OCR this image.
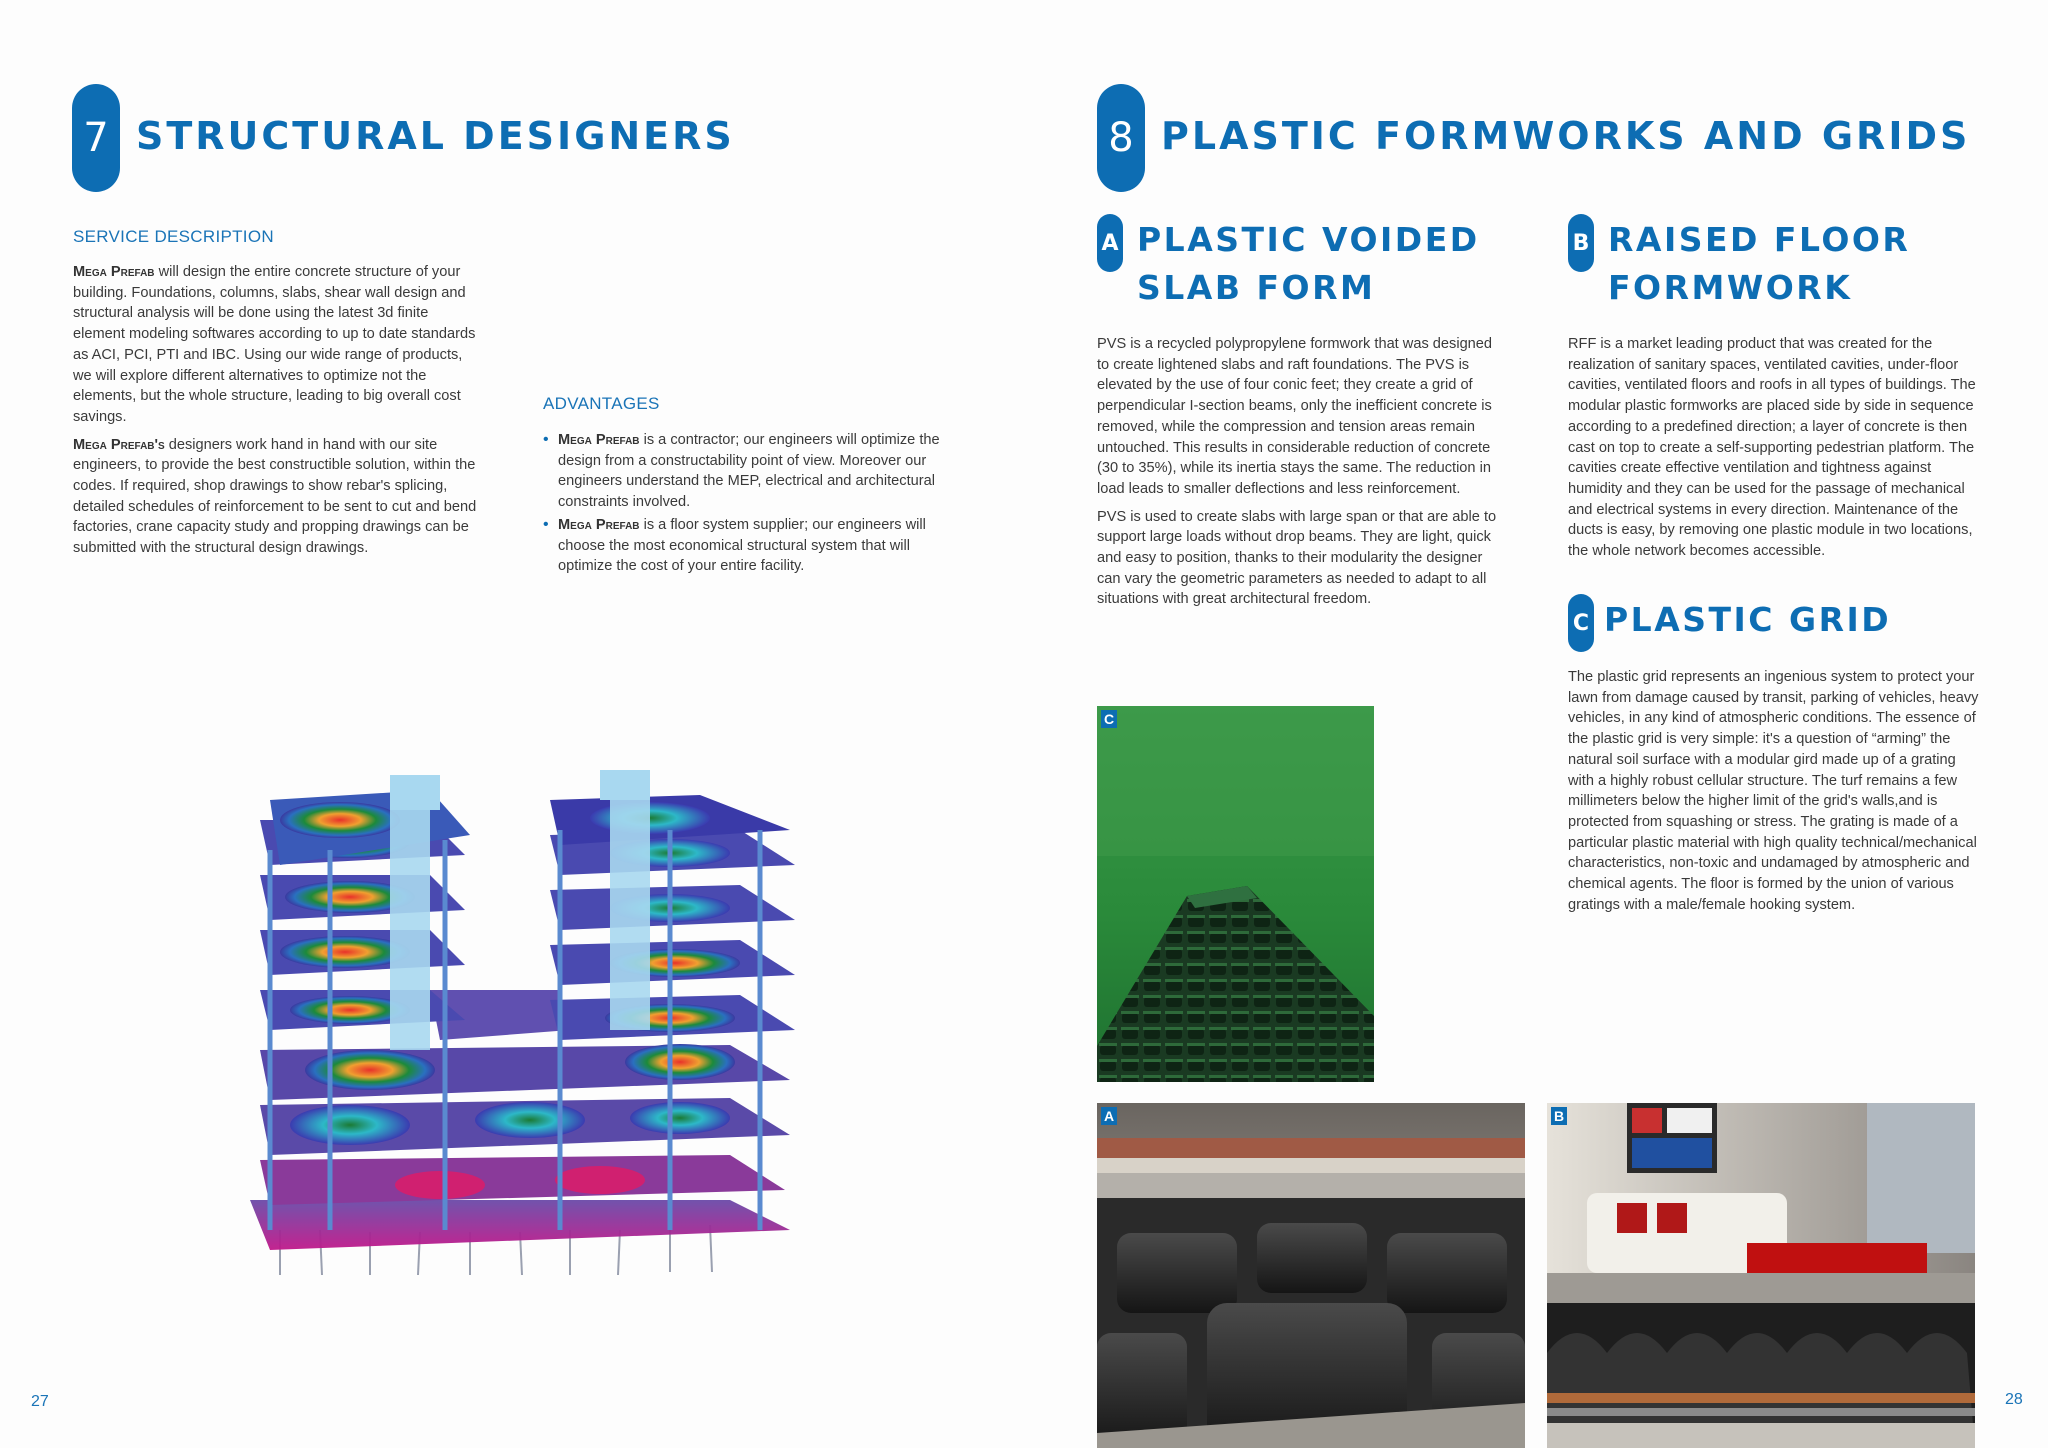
7 STRUCTURAL DESIGNERS
SERVICE DESCRIPTION

Mega Prefab will design the entire concrete structure of your building. Foundations, columns, slabs, shear wall design and structural analysis will be done using the latest 3d finite element modeling softwares according to up to date standards as ACI, PCI, PTI and IBC. Using our wide range of products, we will explore different alternatives to optimize not the elements, but the whole structure, leading to big overall cost savings.

Mega Prefab's designers work hand in hand with our site engineers, to provide the best constructible solution, within the codes. If required, shop drawings to show rebar's splicing, detailed schedules of reinforcement to be sent to cut and bend factories, crane capacity study and propping drawings can be submitted with the structural design drawings.

ADVANTAGES
• Mega Prefab is a contractor; our engineers will optimize the design from a constructability point of view. Moreover our engineers understand the MEP, electrical and architectural constraints involved.
• Mega Prefab is a floor system supplier; our engineers will choose the most economical structural system that will optimize the cost of your entire facility.
27
8 PLASTIC FORMWORKS AND GRIDS
A PLASTIC VOIDED
SLAB FORM

PVS is a recycled polypropylene formwork that was designed to create lightened slabs and raft foundations. The PVS is elevated by the use of four conic feet; they create a grid of perpendicular I-section beams, only the inefficient concrete is removed, while the compression and tension areas remain untouched. This results in considerable reduction of concrete (30 to 35%), while its inertia stays the same. The reduction in load leads to smaller deflections and less reinforcement.

PVS is used to create slabs with large span or that are able to support large loads without drop beams. They are light, quick and easy to position, thanks to their modularity the designer can vary the geometric parameters as needed to adapt to all situations with great architectural freedom.

B RAISED FLOOR
FORMWORK

RFF is a market leading product that was created for the realization of sanitary spaces, ventilated cavities, under-floor cavities, ventilated floors and roofs in all types of buildings. The modular plastic formworks are placed side by side in sequence according to a predefined direction; a layer of concrete is then cast on top to create a self-supporting pedestrian platform. The cavities create effective ventilation and tightness against humidity and they can be used for the passage of mechanical and electrical systems in every direction. Maintenance of the ducts is easy, by removing one plastic module in two locations, the whole network becomes accessible.

C PLASTIC GRID

The plastic grid represents an ingenious system to protect your lawn from damage caused by transit, parking of vehicles, heavy vehicles, in any kind of atmospheric conditions. The essence of the plastic grid is very simple: it's a question of “arming” the natural soil surface with a modular gird made up of a grating with a highly robust cellular structure. The turf remains a few millimeters below the higher limit of the grid's walls,and is protected from squashing or stress. The grating is made of a particular plastic material with high quality technical/mechanical characteristics, non-toxic and undamaged by atmospheric and chemical agents. The floor is formed by the union of various gratings with a male/female hooking system.

C
A	B
28
